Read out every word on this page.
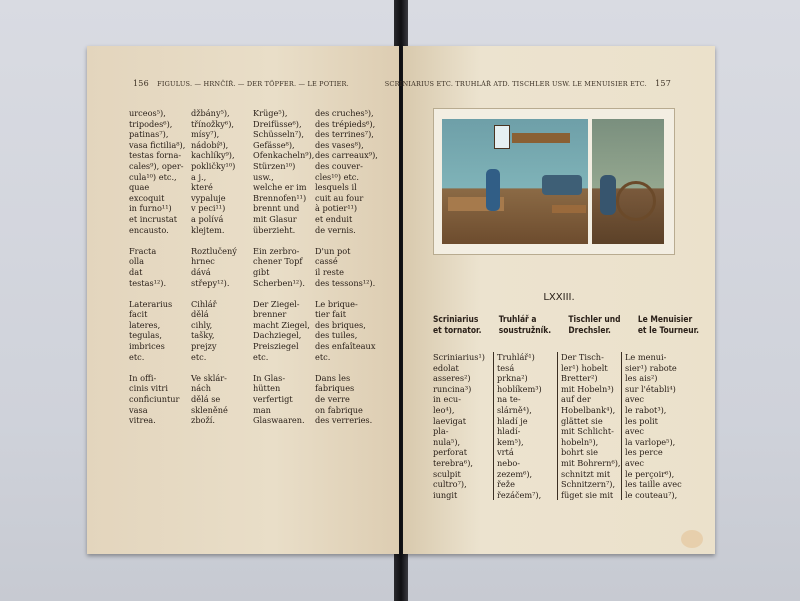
156 FIGULUS. — HRNČÍŘ. — DER TÖPFER. — LE POTIER.
urceos⁵),
tripodes⁶),
patinas⁷),
vasa fictilia⁸),
testas forna-
cales⁹), oper-
cula¹⁰) etc.,
quae
excoquit
in furno¹¹)
et incrustat
encausto.

Fracta
olla
dat
testas¹²).

Laterarius
facit
lateres,
tegulas,
imbrices
etc.

In offi-
cinis vitri
conficiuntur
vasa
vitrea.
džbány⁵),
třínožky⁶),
mísy⁷),
nádobí⁸),
kachlíky⁹),
pokličky¹⁰)
a j.,
které
vypaluje
v peci¹¹)
a polívá
klejtem.

Roztlučený
hrnec
dává
střepy¹²).

Cihlář
dělá
cihly,
tašky,
prejzy
etc.

Ve sklár-
nách
dělá se
skleněné
zboží.
Krüge⁵),
Dreifüsse⁶),
Schüsseln⁷),
Gefässe⁸),
Ofenkacheln⁹),
Stürzen¹⁰)
usw.,
welche er im
Brennofen¹¹)
brennt und
mit Glasur
überzieht.

Ein zerbro-
chener Topf
gibt
Scherben¹²).

Der Ziegel-
brenner
macht Ziegel,
Dachziegel,
Preisziegel
etc.

In Glas-
hütten
verfertigt
man
Glaswaaren.
des cruches⁵),
des trépieds⁶),
des terrines⁷),
des vases⁸),
des carreaux⁹),
des couver-
cles¹⁰) etc.
lesquels il
cuit au four
à potier¹¹)
et enduit
de vernis.

D'un pot
cassé
il reste
des tessons¹²).

Le brique-
tier fait
des briques,
des tuiles,
des enfaîteaux
etc.

Dans les
fabriques
de verre
on fabrique
des verreries.
SCRINIARIUS ETC. TRUHLÁŘ ATD. TISCHLER USW. LE MENUISIER ETC. 157
LXXIII.
Scriniarius
et tornator.
Truhlář a
soustružník.
Tischler und
Drechsler.
Le Menuisier
et le Tourneur.
Scriniarius¹)
edolat
asseres²)
runcina³)
in ecu-
leo⁴),
laevigat
pla-
nula⁵),
perforat
terebra⁶),
sculpit
cultro⁷),
iungit
Truhlář¹)
tesá
prkna²)
hoblíkem³)
na te-
slárně⁴),
hladí je
hladí-
kem⁵),
vrtá
nebo-
zezem⁶),
řeže
řezáčem⁷),
Der Tisch-
ler¹) hobelt
Bretter²)
mit Hobeln³)
auf der
Hobelbank⁴),
glättet sie
mit Schlicht-
hobeln⁵),
bohrt sie
mit Bohrern⁶),
schnitzt mit
Schnitzern⁷),
füget sie mit
Le menui-
sier¹) rabote
les ais²)
sur l'établi⁴)
avec
le rabot³),
les polit
avec
la varlope⁵),
les perce
avec
le perçoir⁶),
les taille avec
le couteau⁷),
